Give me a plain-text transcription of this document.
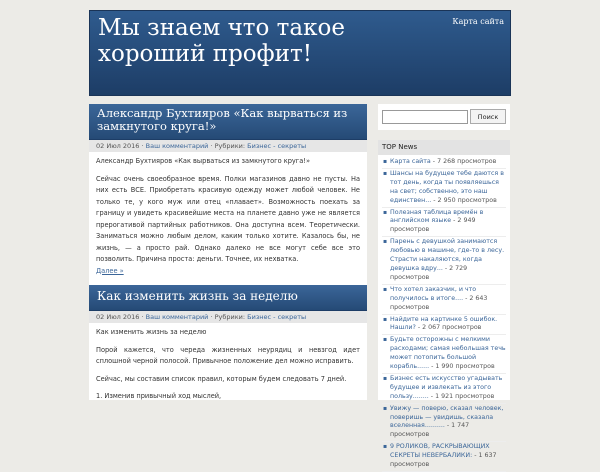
Мы знаем что такое хороший профит!
Карта сайта
Александр Бухтияров «Как вырваться из замкнутого круга!»
02 Июл 2016 · Ваш комментарий · Рубрики: Бизнес - секреты

Александр Бухтияров «Как вырваться из замкнутого круга!»

Сейчас очень своеобразное время. Полки магазинов давно не пусты. На них есть ВСЕ. Приобретать красивую одежду может любой человек. Не только те, у кого муж или отец «плавает». Возможность поехать за границу и увидеть красивейшие места на планете давно уже не является прерогативой партийных работников. Она доступна всем. Теоретически. Заниматься можно любым делом, каким только хотите. Казалось бы, не жизнь, — а просто рай. Однако далеко не все могут себе все это позволить. Причина проста: деньги. Точнее, их нехватка.
Далее »

Как изменить жизнь за неделю
02 Июл 2016 · Ваш комментарий · Рубрики: Бизнес - секреты

Как изменить жизнь за неделю

Порой кажется, что череда жизненных неурядиц и невзгод идет сплошной черной полосой. Привычное положение дел можно исправить.

Сейчас, мы составим список правил, которым будем следовать 7 дней.

1. Изменив привычный ход мыслей,

Поиск
TOP News
▪ Карта сайта - 7 268 просмотров
▪ Шансы на будущее тебе даются в тот день, когда ты появляешься на свет; собственно, это наш единствен... - 2 950 просмотров
▪ Полезная таблица времён в английском языке - 2 949 просмотров
▪ Парень с девушкой занимаются любовью в машине, где-то в лесу. Страсти накаляются, когда девушка вдру... - 2 729 просмотров
▪ Что хотел заказчик, и что получилось в итоге.... - 2 643 просмотров
▪ Найдите на картинке 5 ошибок. Нашли? - 2 067 просмотров
▪ Будьте осторожны с мелкими расходами; самая небольшая течь может потопить большой корабль...... - 1 990 просмотров
▪ Бизнес есть искусство угадывать будущее и извлекать из этого пользу........ - 1 921 просмотров
▪ Увижу — поверю, сказал человек, поверишь — увидишь, сказала вселенная.......... - 1 747 просмотров
▪ 9 РОЛИКОВ, РАСКРЫВАЮЩИХ СЕКРЕТЫ НЕВЕРБАЛИКИ: - 1 637 просмотров
